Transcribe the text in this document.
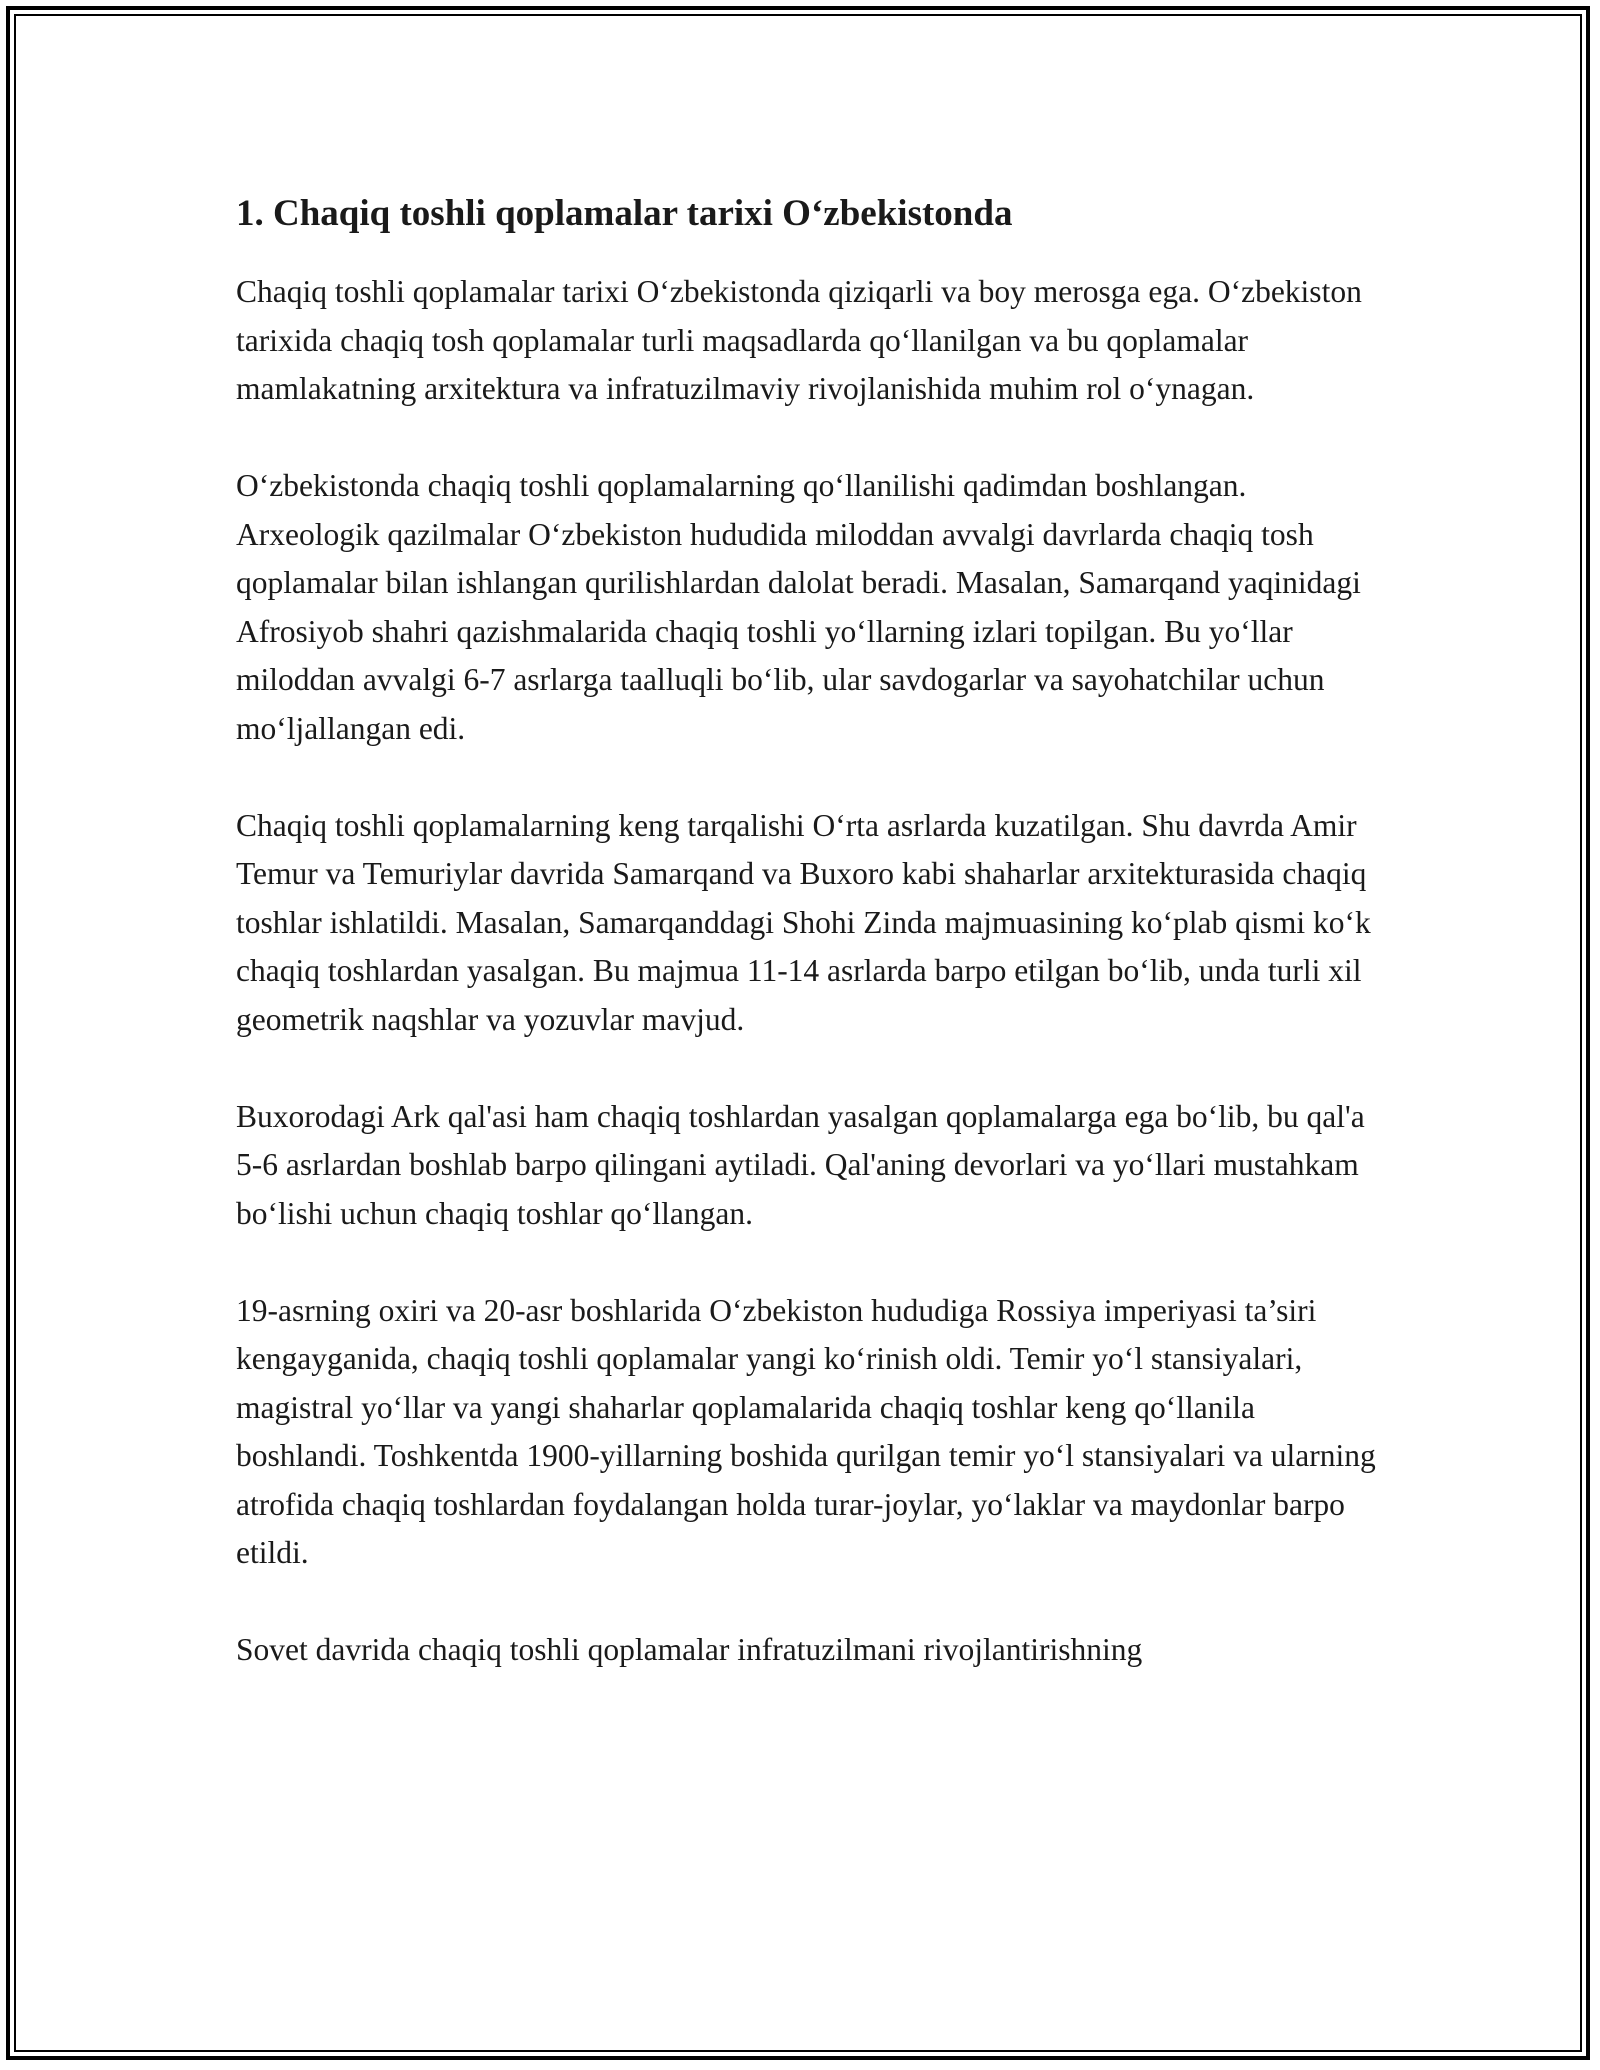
1. Chaqiq toshli qoplamalar tarixi O‘zbekistonda

Chaqiq toshli qoplamalar tarixi O‘zbekistonda qiziqarli va boy merosga ega. O‘zbekiston tarixida chaqiq tosh qoplamalar turli maqsadlarda qo‘llanilgan va bu qoplamalar mamlakatning arxitektura va infratuzilmaviy rivojlanishida muhim rol o‘ynagan.

O‘zbekistonda chaqiq toshli qoplamalarning qo‘llanilishi qadimdan boshlangan. Arxeologik qazilmalar O‘zbekiston hududida miloddan avvalgi davrlarda chaqiq tosh qoplamalar bilan ishlangan qurilishlardan dalolat beradi. Masalan, Samarqand yaqinidagi Afrosiyob shahri qazishmalarida chaqiq toshli yo‘llarning izlari topilgan. Bu yo‘llar miloddan avvalgi 6-7 asrlarga taalluqli bo‘lib, ular savdogarlar va sayohatchilar uchun mo‘ljallangan edi.

Chaqiq toshli qoplamalarning keng tarqalishi O‘rta asrlarda kuzatilgan. Shu davrda Amir Temur va Temuriylar davrida Samarqand va Buxoro kabi shaharlar arxitekturasida chaqiq toshlar ishlatildi. Masalan, Samarqanddagi Shohi Zinda majmuasining ko‘plab qismi ko‘k chaqiq toshlardan yasalgan. Bu majmua 11-14 asrlarda barpo etilgan bo‘lib, unda turli xil geometrik naqshlar va yozuvlar mavjud.

Buxorodagi Ark qal'asi ham chaqiq toshlardan yasalgan qoplamalarga ega bo‘lib, bu qal'a 5-6 asrlardan boshlab barpo qilingani aytiladi. Qal'aning devorlari va yo‘llari mustahkam bo‘lishi uchun chaqiq toshlar qo‘llangan.

19-asrning oxiri va 20-asr boshlarida O‘zbekiston hududiga Rossiya imperiyasi ta’siri kengayganida, chaqiq toshli qoplamalar yangi ko‘rinish oldi. Temir yo‘l stansiyalari, magistral yo‘llar va yangi shaharlar qoplamalarida chaqiq toshlar keng qo‘llanila boshlandi. Toshkentda 1900-yillarning boshida qurilgan temir yo‘l stansiyalari va ularning atrofida chaqiq toshlardan foydalangan holda turar-joylar, yo‘laklar va maydonlar barpo etildi.

Sovet davrida chaqiq toshli qoplamalar infratuzilmani rivojlantirishning
